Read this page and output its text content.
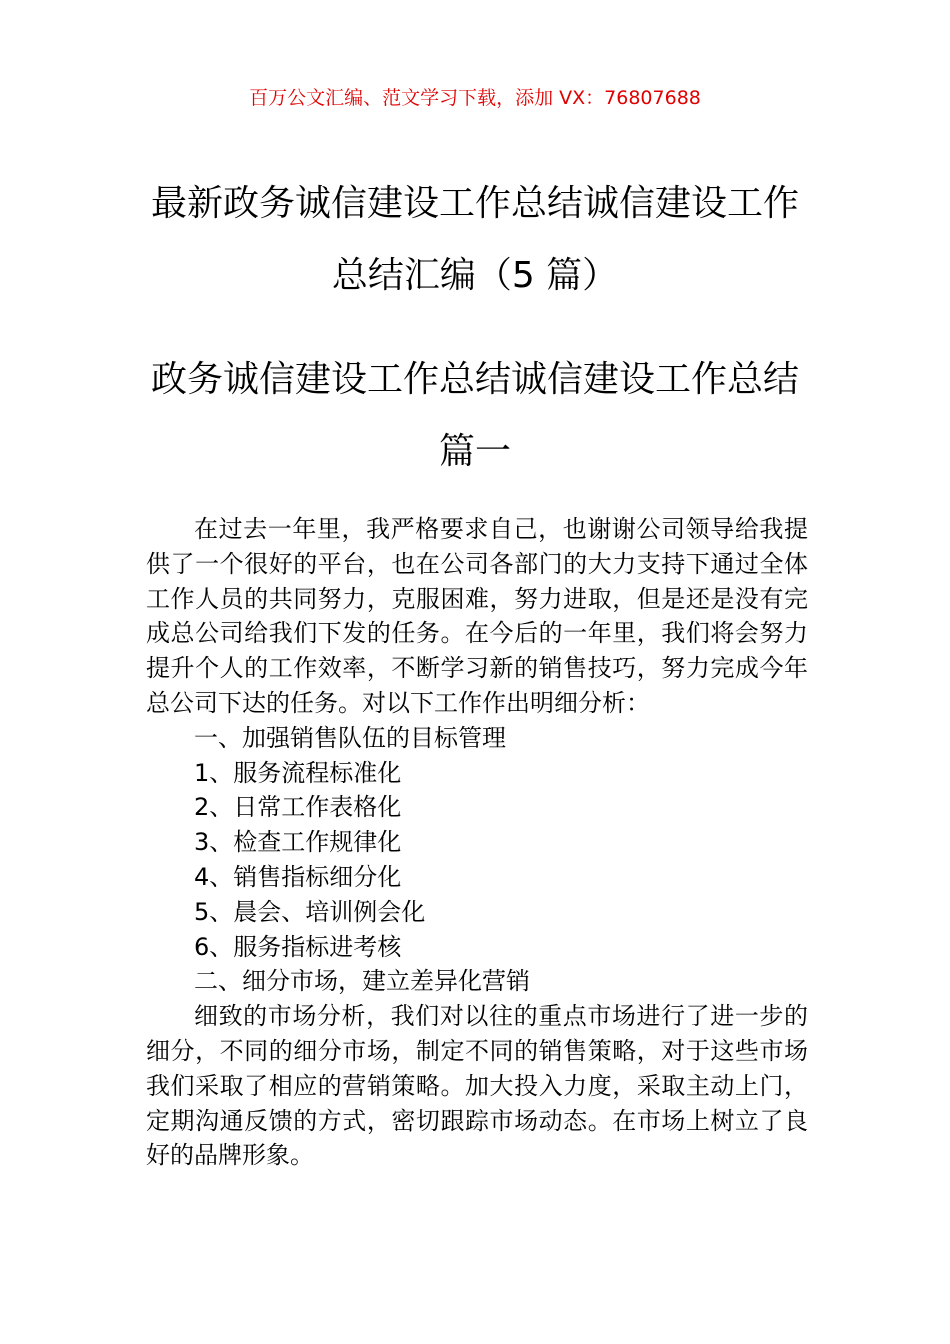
百万公文汇编、范文学习下载，添加 VX：76807688
最新政务诚信建设工作总结诚信建设工作
总结汇编（5 篇）
政务诚信建设工作总结诚信建设工作总结
篇一

在过去一年里，我严格要求自己，也谢谢公司领导给我提供了一个很好的平台，也在公司各部门的大力支持下通过全体工作人员的共同努力，克服困难，努力进取，但是还是没有完成总公司给我们下发的任务。在今后的一年里，我们将会努力提升个人的工作效率，不断学习新的销售技巧，努力完成今年总公司下达的任务。对以下工作作出明细分析：

一、加强销售队伍的目标管理

1、服务流程标准化

2、日常工作表格化

3、检查工作规律化

4、销售指标细分化

5、晨会、培训例会化

6、服务指标进考核

二、细分市场，建立差异化营销

细致的市场分析，我们对以往的重点市场进行了进一步的细分，不同的细分市场，制定不同的销售策略，对于这些市场我们采取了相应的营销策略。加大投入力度，采取主动上门，定期沟通反馈的方式，密切跟踪市场动态。在市场上树立了良好的品牌形象。
